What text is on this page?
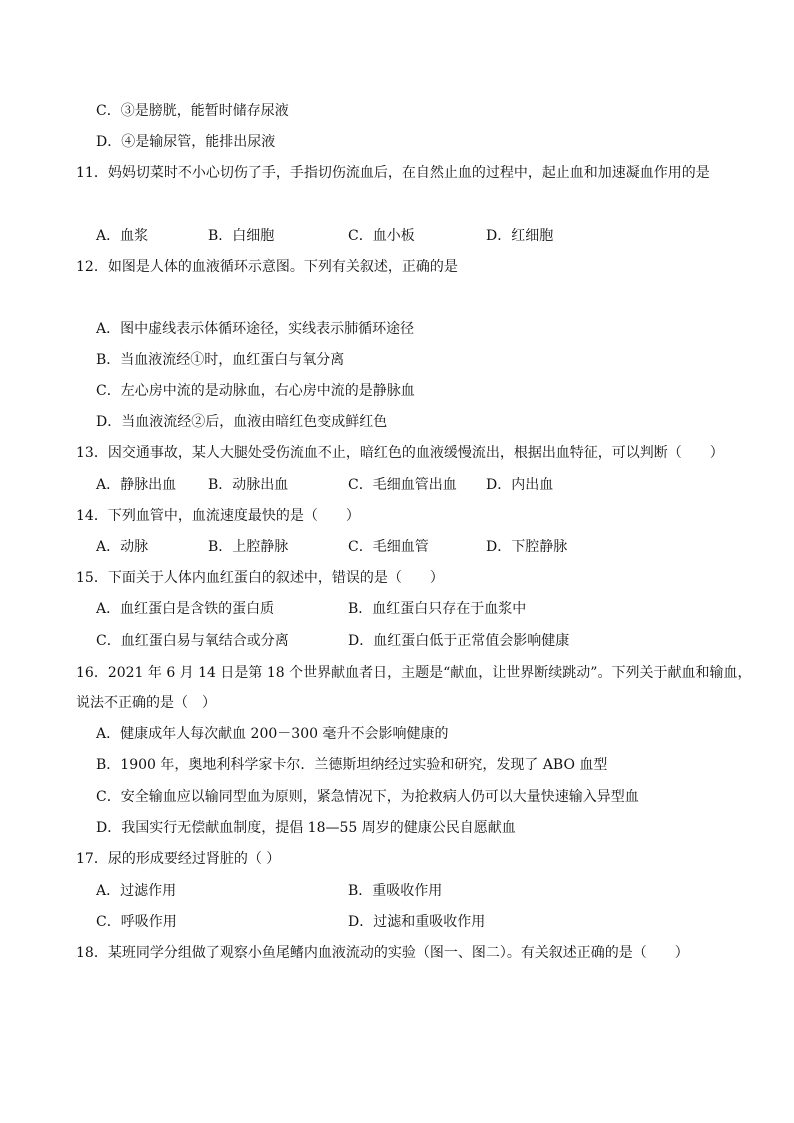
C．③是膀胱，能暂时储存尿液
D．④是输尿管，能排出尿液
11．妈妈切菜时不小心切伤了手，手指切伤流血后，在自然止血的过程中，起止血和加速凝血作用的是
A．血浆	B．白细胞	C．血小板	D．红细胞
12．如图是人体的血液循环示意图。下列有关叙述，正确的是
A．图中虚线表示体循环途径，实线表示肺循环途径
B．当血液流经①时，血红蛋白与氧分离
C．左心房中流的是动脉血，右心房中流的是静脉血
D．当血液流经②后，血液由暗红色变成鲜红色
13．因交通事故，某人大腿处受伤流血不止，暗红色的血液缓慢流出，根据出血特征，可以判断（　　）
A．静脉出血 B．动脉出血	C．毛细血管出血 D．内出血
14．下列血管中，血流速度最快的是（　　）
A．动脉	B．上腔静脉	C．毛细血管	D．下腔静脉
15．下面关于人体内血红蛋白的叙述中，错误的是（　　）
A．血红蛋白是含铁的蛋白质	B．血红蛋白只存在于血浆中
C．血红蛋白易与氧结合或分离	D．血红蛋白低于正常值会影响健康
16．2021 年 6 月 14 日是第 18 个世界献血者日，主题是“献血，让世界断续跳动”。下列关于献血和输血，
说法不正确的是（　）
A．健康成年人每次献血 200－300 毫升不会影响健康的
B．1900 年，奥地利科学家卡尔．兰德斯坦纳经过实验和研究，发现了 ABO 血型
C．安全输血应以输同型血为原则，紧急情况下，为抢救病人仍可以大量快速输入异型血
D．我国实行无偿献血制度，提倡 18—55 周岁的健康公民自愿献血
17．尿的形成要经过肾脏的（ ）
A．过滤作用	B．重吸收作用
C．呼吸作用	D．过滤和重吸收作用
18．某班同学分组做了观察小鱼尾鳍内血液流动的实验（图一、图二）。有关叙述正确的是（　　）
